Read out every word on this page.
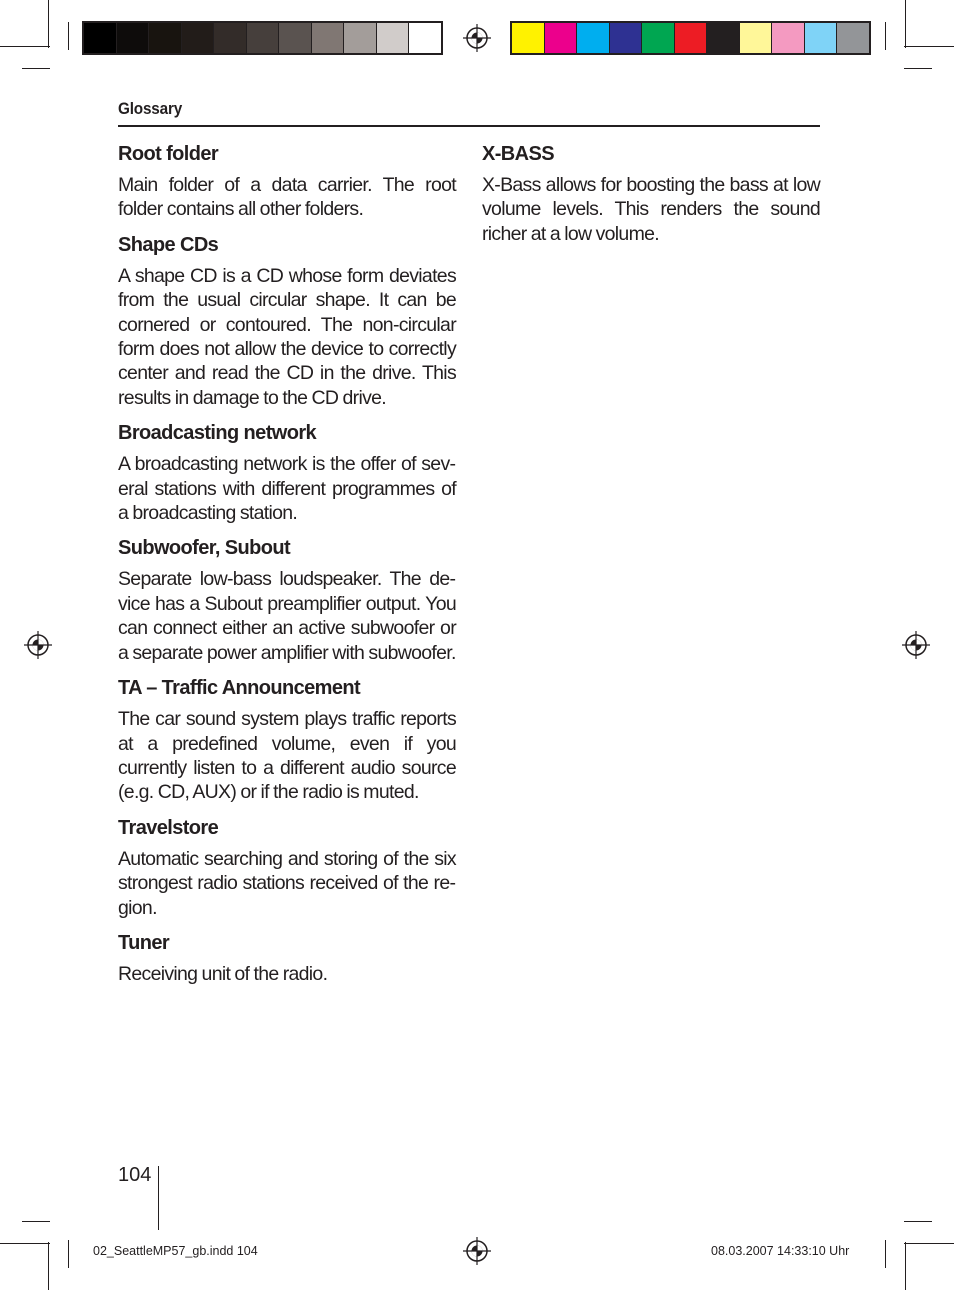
Glossary
Root folder
Main folder of a data carrier. The root folder contains all other folders.
Shape CDs
A shape CD is a CD whose form deviates from the usual circular shape. It can be cornered or contoured. The non-circular form does not allow the device to correctly center and read the CD in the drive. This results in damage to the CD drive.
Broadcasting network
A broadcasting network is the offer of several stations with different programmes of a broadcasting station.
Subwoofer, Subout
Separate low-bass loudspeaker. The device has a Subout preamplifier output. You can connect either an active subwoofer or a separate power amplifier with subwoofer.
TA – Traffic Announcement
The car sound system plays traffic reports at a predefined volume, even if you currently listen to a different audio source (e.g. CD, AUX) or if the radio is muted.
Travelstore
Automatic searching and storing of the six strongest radio stations received of the region.
Tuner
Receiving unit of the radio.
X-BASS
X-Bass allows for boosting the bass at low volume levels. This renders the sound richer at a low volume.
104
02_SeattleMP57_gb.indd 104	08.03.2007 14:33:10 Uhr
